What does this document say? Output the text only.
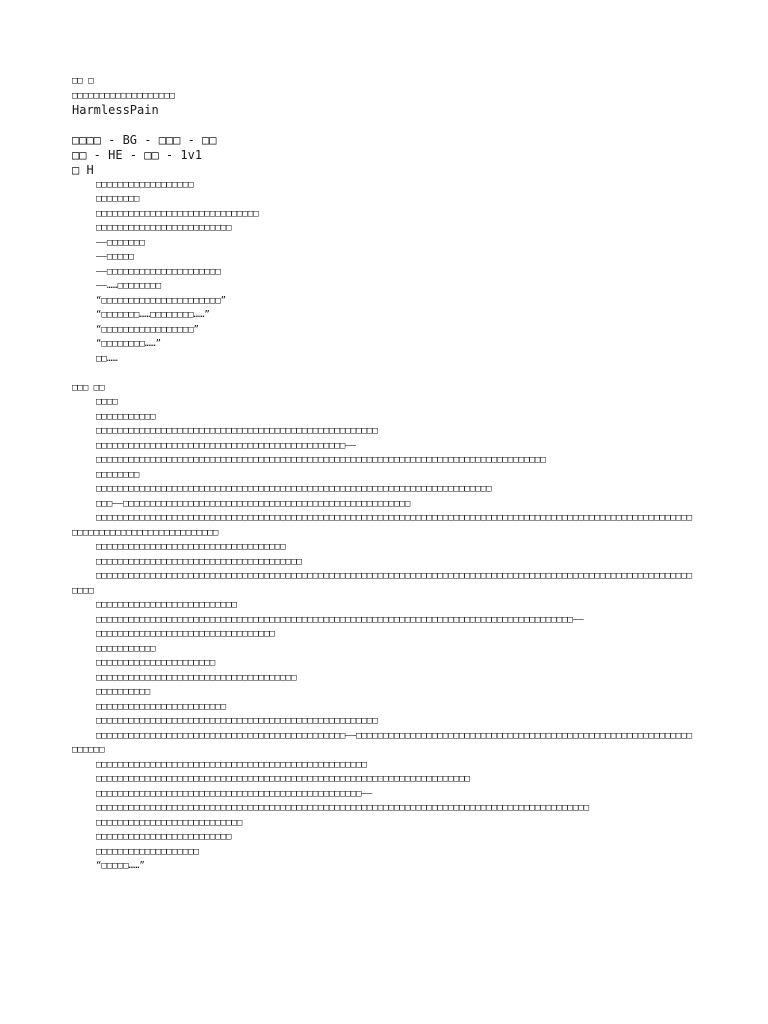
□□ □
□□□□□□□□□□□□□□□□□□□
HarmlessPain
□□□□ - BG - □□□ - □□
□□ - HE - □□ - 1v1
□ H
□□□□□□□□□□□□□□□□□□
□□□□□□□□
□□□□□□□□□□□□□□□□□□□□□□□□□□□□□□
□□□□□□□□□□□□□□□□□□□□□□□□□
——□□□□□□□
——□□□□□
——□□□□□□□□□□□□□□□□□□□□□
——……□□□□□□□□
“□□□□□□□□□□□□□□□□□□□□□□”
“□□□□□□□……□□□□□□□□……”
“□□□□□□□□□□□□□□□□□”
“□□□□□□□□……”
□□……
□□□ □□
□□□□
□□□□□□□□□□□
□□□□□□□□□□□□□□□□□□□□□□□□□□□□□□□□□□□□□□□□□□□□□□□□□□□□
□□□□□□□□□□□□□□□□□□□□□□□□□□□□□□□□□□□□□□□□□□□□□□——
□□□□□□□□□□□□□□□□□□□□□□□□□□□□□□□□□□□□□□□□□□□□□□□□□□□□□□□□□□□□□□□□□□□□□□□□□□□□□□□□□□□
□□□□□□□□
□□□□□□□□□□□□□□□□□□□□□□□□□□□□□□□□□□□□□□□□□□□□□□□□□□□□□□□□□□□□□□□□□□□□□□□□□
□□□——□□□□□□□□□□□□□□□□□□□□□□□□□□□□□□□□□□□□□□□□□□□□□□□□□□□□□
□□□□□□□□□□□□□□□□□□□□□□□□□□□□□□□□□□□□□□□□□□□□□□□□□□□□□□□□□□□□□□□□□□□□□□□□□□□□□□□□□□□□□□□□□□□□□□□□□□□□□□□□□□□□□□□□□□□□□□□□□□□□□□□□□□□□□□□□□
□□□□□□□□□□□□□□□□□□□□□□□□□□□□□□□□□□□
□□□□□□□□□□□□□□□□□□□□□□□□□□□□□□□□□□□□□□
□□□□□□□□□□□□□□□□□□□□□□□□□□□□□□□□□□□□□□□□□□□□□□□□□□□□□□□□□□□□□□□□□□□□□□□□□□□□□□□□□□□□□□□□□□□□□□□□□□□□□□□□□□□□□□□□□□
□□□□□□□□□□□□□□□□□□□□□□□□□□
□□□□□□□□□□□□□□□□□□□□□□□□□□□□□□□□□□□□□□□□□□□□□□□□□□□□□□□□□□□□□□□□□□□□□□□□□□□□□□□□□□□□□□□□——
□□□□□□□□□□□□□□□□□□□□□□□□□□□□□□□□□
□□□□□□□□□□□
□□□□□□□□□□□□□□□□□□□□□□
□□□□□□□□□□□□□□□□□□□□□□□□□□□□□□□□□□□□□
□□□□□□□□□□
□□□□□□□□□□□□□□□□□□□□□□□□
□□□□□□□□□□□□□□□□□□□□□□□□□□□□□□□□□□□□□□□□□□□□□□□□□□□□
□□□□□□□□□□□□□□□□□□□□□□□□□□□□□□□□□□□□□□□□□□□□□□——□□□□□□□□□□□□□□□□□□□□□□□□□□□□□□□□□□□□□□□□□□□□□□□□□□□□□□□□□□□□□□□□□□□□
□□□□□□□□□□□□□□□□□□□□□□□□□□□□□□□□□□□□□□□□□□□□□□□□□□
□□□□□□□□□□□□□□□□□□□□□□□□□□□□□□□□□□□□□□□□□□□□□□□□□□□□□□□□□□□□□□□□□□□□□
□□□□□□□□□□□□□□□□□□□□□□□□□□□□□□□□□□□□□□□□□□□□□□□□□——
□□□□□□□□□□□□□□□□□□□□□□□□□□□□□□□□□□□□□□□□□□□□□□□□□□□□□□□□□□□□□□□□□□□□□□□□□□□□□□□□□□□□□□□□□□□
□□□□□□□□□□□□□□□□□□□□□□□□□□□
□□□□□□□□□□□□□□□□□□□□□□□□□
□□□□□□□□□□□□□□□□□□□
“□□□□□……”
